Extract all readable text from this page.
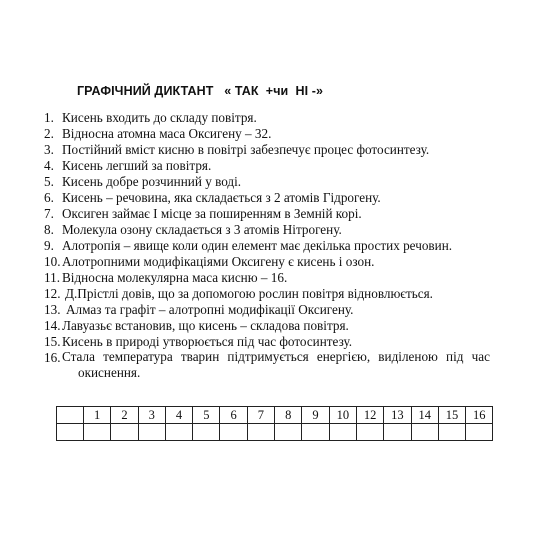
ГРАФІЧНИЙ ДИКТАНТ   « ТАК  +чи  НІ -»
1. Кисень входить до складу повітря.
2. Відносна атомна маса Оксигену – 32.
3. Постійний вміст кисню в повітрі забезпечує процес фотосинтезу.
4. Кисень легший за повітря.
5. Кисень добре розчинний у воді.
6. Кисень – речовина, яка складається з 2 атомів Гідрогену.
7. Оксиген займає І місце за поширенням в Земній корі.
8. Молекула озону складається з 3 атомів Нітрогену.
9. Алотропія – явище коли один елемент має декілька простих речовин.
10. Алотропними модифікаціями Оксигену є кисень і озон.
11. Відносна молекулярна маса кисню – 16.
12. Д.Прістлі довів, що за допомогою рослин повітря відновлюється.
13. Алмаз та графіт – алотропні модифікації Оксигену.
14. Лавуазьє встановив, що кисень – складова повітря.
15. Кисень в природі утворюється під час фотосинтезу.
16. Стала температура тварин підтримується енергією, виділеною під час
окиснення.
	1	2	3	4	5	6	7	8	9	10	12	13	14	15	16
